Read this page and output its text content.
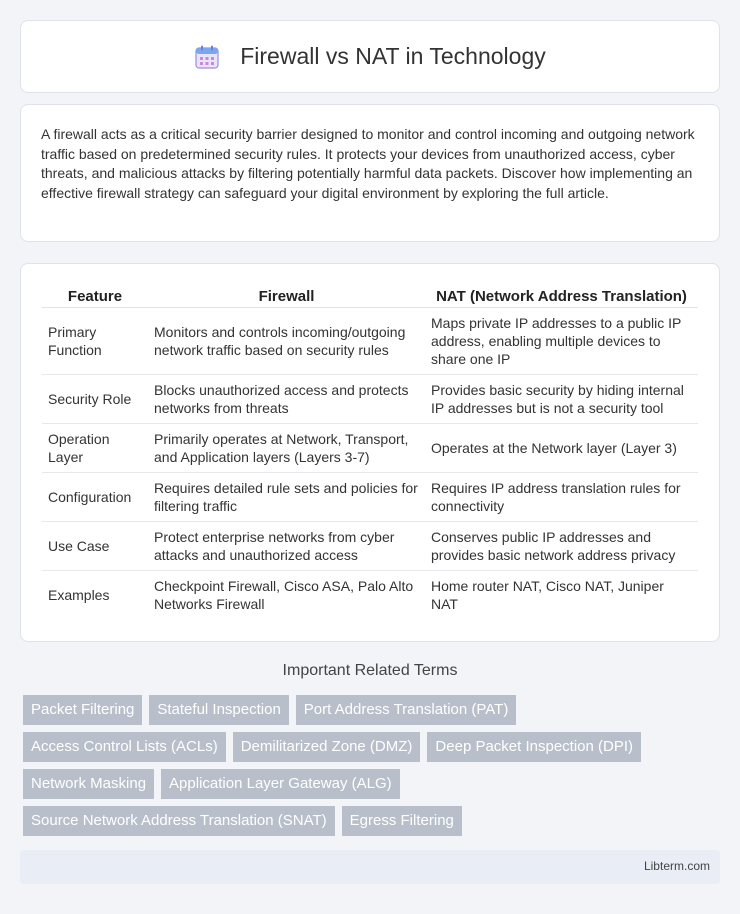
Firewall vs NAT in Technology

A firewall acts as a critical security barrier designed to monitor and control incoming and outgoing network traffic based on predetermined security rules. It protects your devices from unauthorized access, cyber threats, and malicious attacks by filtering potentially harmful data packets. Discover how implementing an effective firewall strategy can safeguard your digital environment by exploring the full article.

Feature	Firewall	NAT (Network Address Translation)
Primary Function	Monitors and controls incoming/outgoing network traffic based on security rules	Maps private IP addresses to a public IP address, enabling multiple devices to share one IP
Security Role	Blocks unauthorized access and protects networks from threats	Provides basic security by hiding internal IP addresses but is not a security tool
Operation Layer	Primarily operates at Network, Transport, and Application layers (Layers 3-7)	Operates at the Network layer (Layer 3)
Configuration	Requires detailed rule sets and policies for filtering traffic	Requires IP address translation rules for connectivity
Use Case	Protect enterprise networks from cyber attacks and unauthorized access	Conserves public IP addresses and provides basic network address privacy
Examples	Checkpoint Firewall, Cisco ASA, Palo Alto Networks Firewall	Home router NAT, Cisco NAT, Juniper NAT
Important Related Terms
Packet Filtering	Stateful Inspection	Port Address Translation (PAT)
Access Control Lists (ACLs)	Demilitarized Zone (DMZ)	Deep Packet Inspection (DPI)
Network Masking	Application Layer Gateway (ALG)
Source Network Address Translation (SNAT)	Egress Filtering
Libterm.com
